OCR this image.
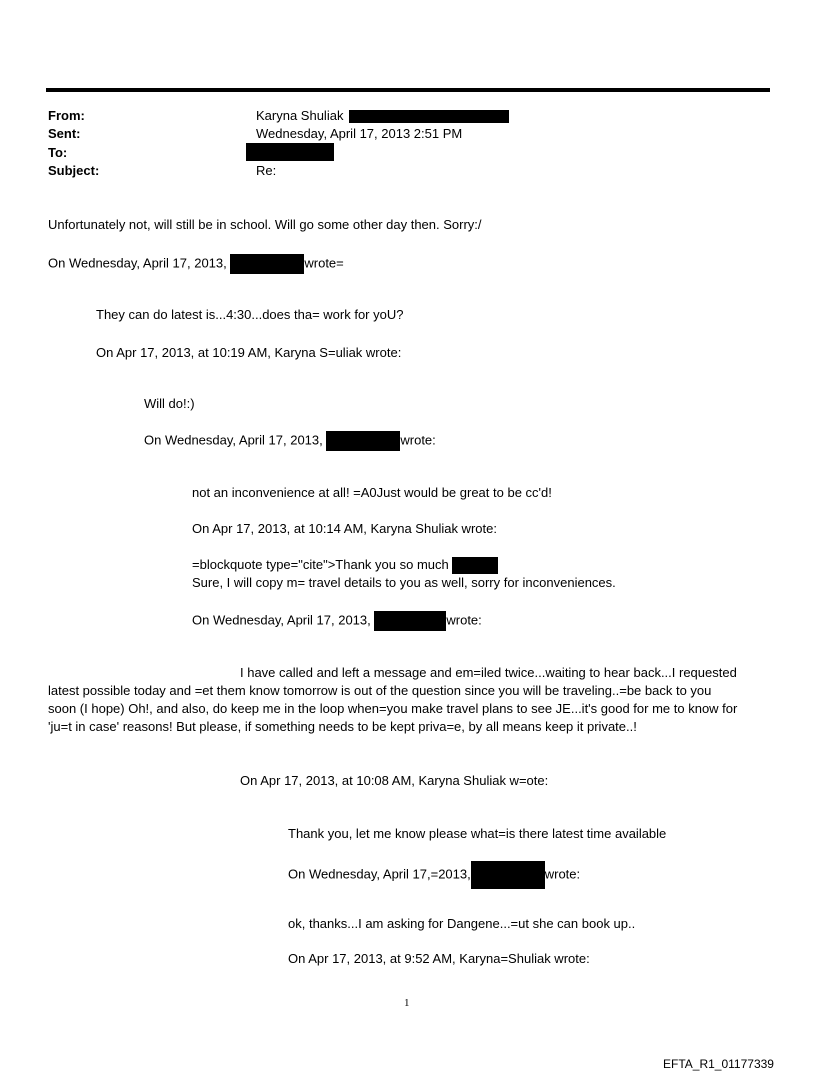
From:	Karyna Shuliak
Sent:	Wednesday, April 17, 2013 2:51 PM
To:
Subject:	Re:
Unfortunately not, will still be in school. Will go some other day then. Sorry:/
On Wednesday, April 17, 2013,	wrote=
They can do latest is...4:30...does tha= work for yoU?
On Apr 17, 2013, at 10:19 AM, Karyna S=uliak wrote:
Will do!:)
On Wednesday, April 17, 2013,	wrote:
not an inconvenience at all! =A0Just would be great to be cc'd!
On Apr 17, 2013, at 10:14 AM, Karyna Shuliak wrote:
=blockquote type="cite">Thank you so much
Sure, I will copy m= travel details to you as well, sorry for inconveniences.
On Wednesday, April 17, 2013,	wrote:
I have called and left a message and em=iled twice...waiting to hear back...I requested
latest possible today and =et them know tomorrow is out of the question since you will be traveling..=be back to you
soon (I hope) Oh!, and also, do keep me in the loop when=you make travel plans to see JE...it's good for me to know for
'ju=t in case' reasons! But please, if something needs to be kept priva=e, by all means keep it private..!
On Apr 17, 2013, at 10:08 AM, Karyna Shuliak w=ote:
Thank you, let me know please what=is there latest time available
On Wednesday, April 17,=2013,	wrote:
ok, thanks...I am asking for Dangene...=ut she can book up..
On Apr 17, 2013, at 9:52 AM, Karyna=Shuliak wrote:
1
EFTA_R1_01177339
